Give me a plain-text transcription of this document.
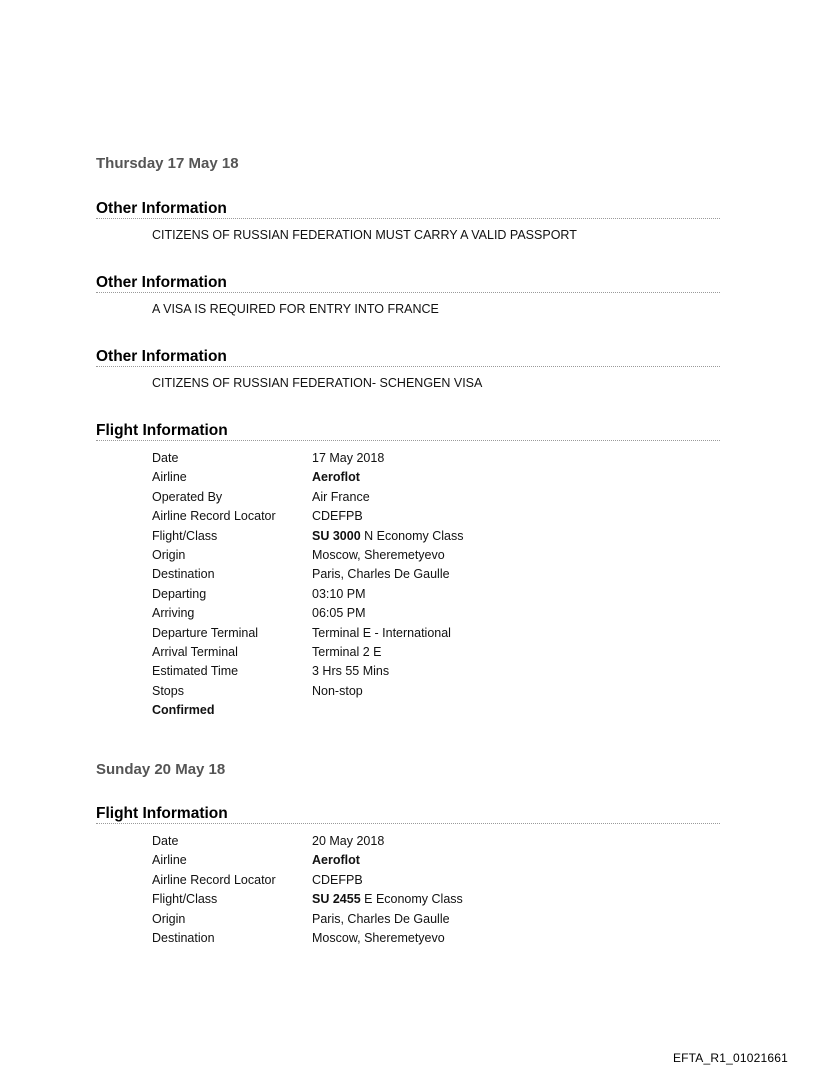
Thursday 17 May 18
Other Information
CITIZENS OF RUSSIAN FEDERATION MUST CARRY A VALID PASSPORT
Other Information
A VISA IS REQUIRED FOR ENTRY INTO FRANCE
Other Information
CITIZENS OF RUSSIAN FEDERATION- SCHENGEN VISA
Flight Information
Date	17 May 2018
Airline	Aeroflot
Operated By	Air France
Airline Record Locator	CDEFPB
Flight/Class	SU 3000 N Economy Class
Origin	Moscow, Sheremetyevo
Destination	Paris, Charles De Gaulle
Departing	03:10 PM
Arriving	06:05 PM
Departure Terminal	Terminal E - International
Arrival Terminal	Terminal 2 E
Estimated Time	3 Hrs 55 Mins
Stops	Non-stop
Confirmed
Sunday 20 May 18
Flight Information
Date	20 May 2018
Airline	Aeroflot
Airline Record Locator	CDEFPB
Flight/Class	SU 2455 E Economy Class
Origin	Paris, Charles De Gaulle
Destination	Moscow, Sheremetyevo
EFTA_R1_01021661
